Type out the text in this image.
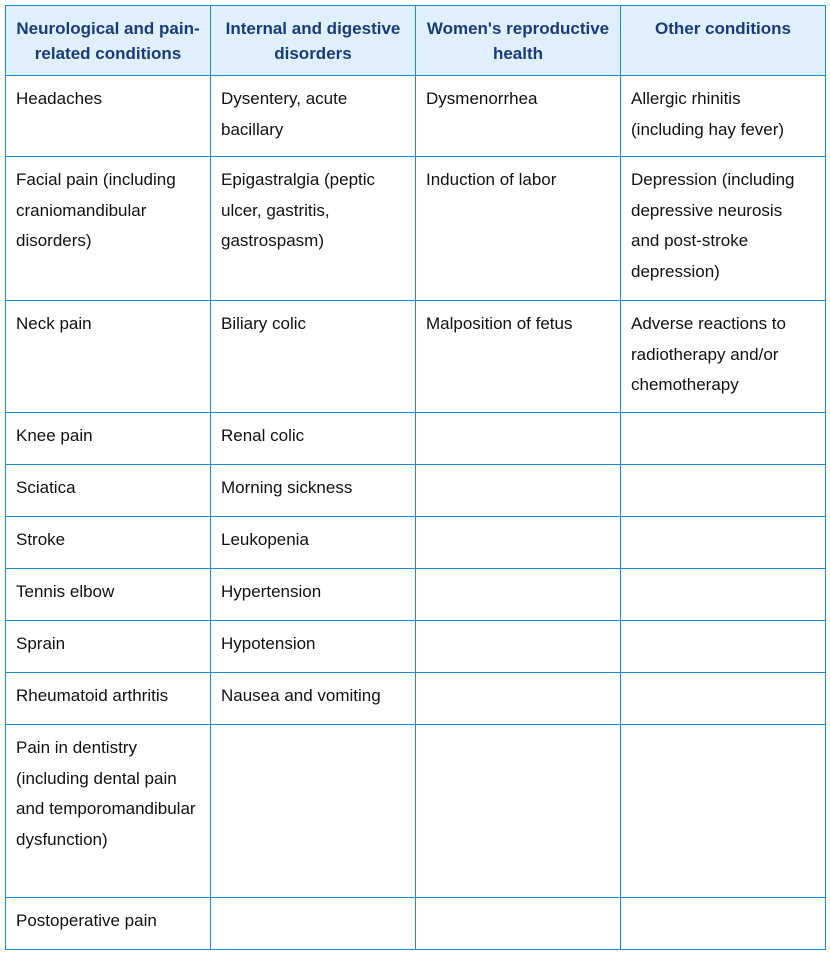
Neurological and pain-related conditions	Internal and digestive disorders	Women's reproductive health	Other conditions
Headaches	Dysentery, acute bacillary	Dysmenorrhea	Allergic rhinitis (including hay fever)
Facial pain (including craniomandibular disorders)	Epigastralgia (peptic ulcer, gastritis, gastrospasm)	Induction of labor	Depression (including depressive neurosis and post-stroke depression)
Neck pain	Biliary colic	Malposition of fetus	Adverse reactions to radiotherapy and/or chemotherapy
Knee pain	Renal colic		
Sciatica	Morning sickness		
Stroke	Leukopenia		
Tennis elbow	Hypertension		
Sprain	Hypotension		
Rheumatoid arthritis	Nausea and vomiting		
Pain in dentistry (including dental pain and temporomandibular dysfunction)			
Postoperative pain			
